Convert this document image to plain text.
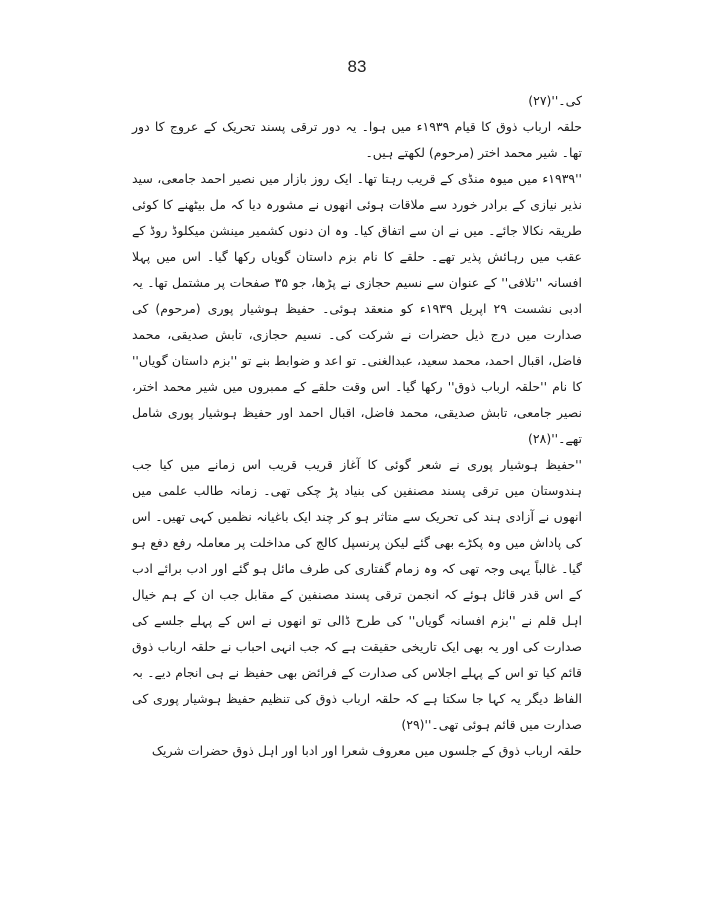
83

کی۔''(۲۷)

حلقہ ارباب ذوق کا قیام ۱۹۳۹ء میں ہوا۔ یہ دور ترقی پسند تحریک کے عروج کا دور تھا۔ شیر محمد اختر (مرحوم) لکھتے ہیں۔

''۱۹۳۹ء میں میوہ منڈی کے قریب رہتا تھا۔ ایک روز بازار میں نصیر احمد جامعی، سید نذیر نیازی کے برادر خورد سے ملاقات ہوئی انھوں نے مشورہ دیا کہ مل بیٹھنے کا کوئی طریقہ نکالا جائے۔ میں نے ان سے اتفاق کیا۔ وہ ان دنوں کشمیر مینشن میکلوڈ روڈ کے عقب میں رہائش پذیر تھے۔ حلقے کا نام بزم داستان گویاں رکھا گیا۔ اس میں پہلا افسانہ ''تلافی'' کے عنوان سے نسیم حجازی نے پڑھا، جو ۳۵ صفحات پر مشتمل تھا۔ یہ ادبی نشست ۲۹ اپریل ۱۹۳۹ء کو منعقد ہوئی۔ حفیظ ہوشیار پوری (مرحوم) کی صدارت میں درج ذیل حضرات نے شرکت کی۔ نسیم حجازی، تابش صدیقی، محمد فاضل، اقبال احمد، محمد سعید، عبدالغنی۔ تو اعد و ضوابط بنے تو ''بزم داستان گویاں'' کا نام ''حلقہ ارباب ذوق'' رکھا گیا۔ اس وقت حلقے کے ممبروں میں شیر محمد اختر، نصیر جامعی، تابش صدیقی، محمد فاضل، اقبال احمد اور حفیظ ہوشیار پوری شامل تھے۔''(۲۸)

''حفیظ ہوشیار پوری نے شعر گوئی کا آغاز قریب قریب اس زمانے میں کیا جب ہندوستان میں ترقی پسند مصنفین کی بنیاد پڑ چکی تھی۔ زمانہ طالب علمی میں انھوں نے آزادی ہند کی تحریک سے متاثر ہو کر چند ایک باغیانہ نظمیں کہی تھیں۔ اس کی پاداش میں وہ پکڑے بھی گئے لیکن پرنسپل کالج کی مداخلت پر معاملہ رفع دفع ہو گیا۔ غالباً یہی وجہ تھی کہ وہ زمام گفتاری کی طرف مائل ہو گئے اور ادب برائے ادب کے اس قدر قائل ہوئے کہ انجمن ترقی پسند مصنفین کے مقابل جب ان کے ہم خیال اہل قلم نے ''بزم افسانہ گویاں'' کی طرح ڈالی تو انھوں نے اس کے پہلے جلسے کی صدارت کی اور یہ بھی ایک تاریخی حقیقت ہے کہ جب انہی احباب نے حلقہ ارباب ذوق قائم کیا تو اس کے پہلے اجلاس کی صدارت کے فرائض بھی حفیظ نے ہی انجام دیے۔ بہ الفاظ دیگر یہ کہا جا سکتا ہے کہ حلقہ ارباب ذوق کی تنظیم حفیظ ہوشیار پوری کی صدارت میں قائم ہوئی تھی۔''(۲۹)

حلقہ ارباب ذوق کے جلسوں میں معروف شعرا اور ادبا اور اہل ذوق حضرات شریک
